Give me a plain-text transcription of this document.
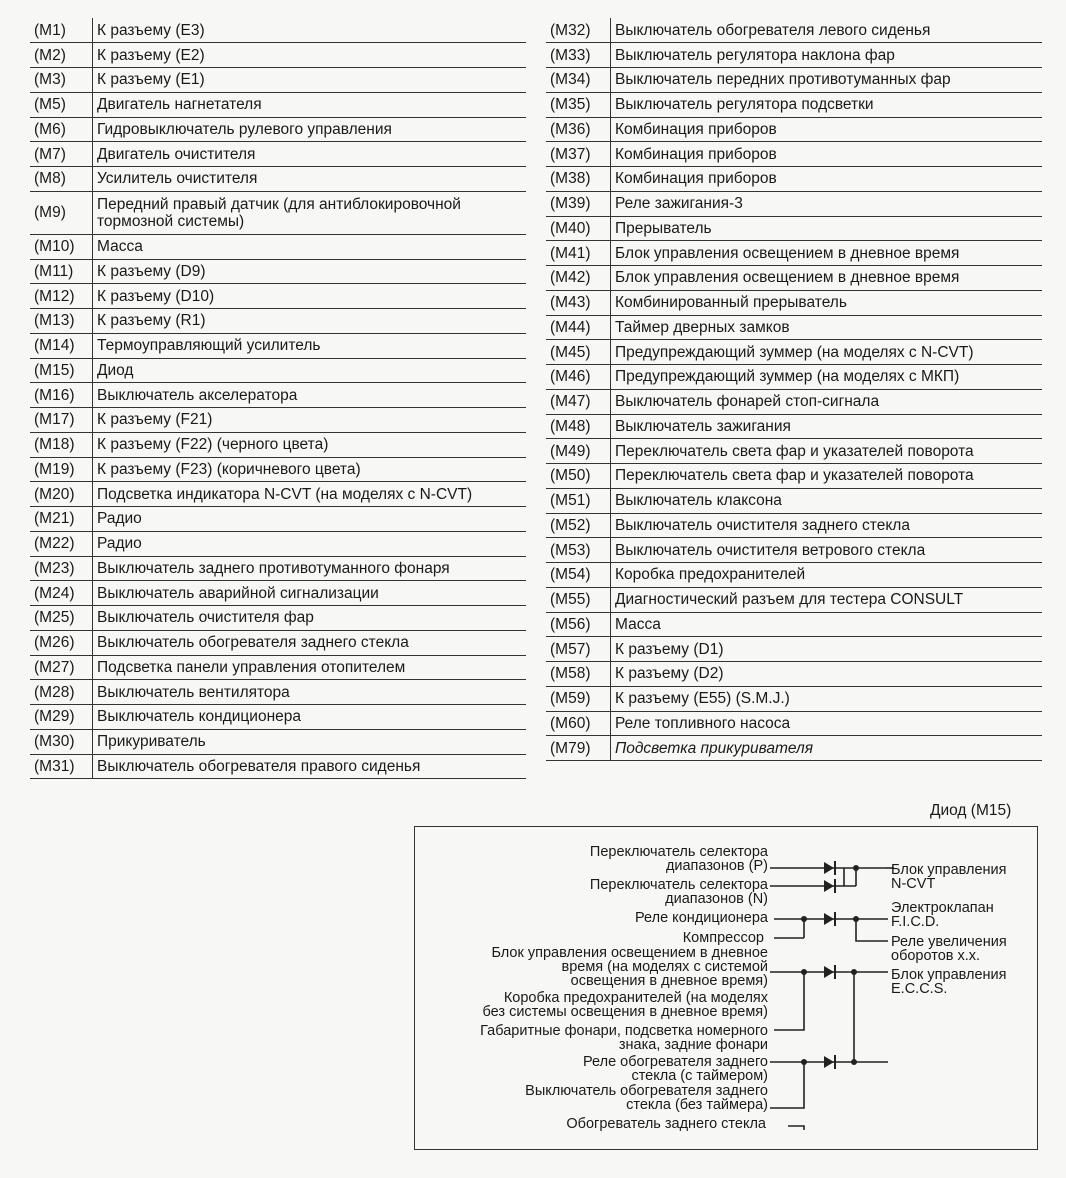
(M1)	К разъему (E3)
(M2)	К разъему (E2)
(M3)	К разъему (E1)
(M5)	Двигатель нагнетателя
(M6)	Гидровыключатель рулевого управления
(M7)	Двигатель очистителя
(M8)	Усилитель очистителя
(M9)	Передний правый датчик (для антиблокировочной тормозной системы)
(M10)	Масса
(M11)	К разъему (D9)
(M12)	К разъему (D10)
(M13)	К разъему (R1)
(M14)	Термоуправляющий усилитель
(M15)	Диод
(M16)	Выключатель акселератора
(M17)	К разъему (F21)
(M18)	К разъему (F22) (черного цвета)
(M19)	К разъему (F23) (коричневого цвета)
(M20)	Подсветка индикатора N-CVT (на моделях с N-CVT)
(M21)	Радио
(M22)	Радио
(M23)	Выключатель заднего противотуманного фонаря
(M24)	Выключатель аварийной сигнализации
(M25)	Выключатель очистителя фар
(M26)	Выключатель обогревателя заднего стекла
(M27)	Подсветка панели управления отопителем
(M28)	Выключатель вентилятора
(M29)	Выключатель кондиционера
(M30)	Прикуриватель
(M31)	Выключатель обогревателя правого сиденья
(M32)	Выключатель обогревателя левого сиденья
(M33)	Выключатель регулятора наклона фар
(M34)	Выключатель передних противотуманных фар
(M35)	Выключатель регулятора подсветки
(M36)	Комбинация приборов
(M37)	Комбинация приборов
(M38)	Комбинация приборов
(M39)	Реле зажигания-3
(M40)	Прерыватель
(M41)	Блок управления освещением в дневное время
(M42)	Блок управления освещением в дневное время
(M43)	Комбинированный прерыватель
(M44)	Таймер дверных замков
(M45)	Предупреждающий зуммер (на моделях с N-CVT)
(M46)	Предупреждающий зуммер (на моделях с МКП)
(M47)	Выключатель фонарей стоп-сигнала
(M48)	Выключатель зажигания
(M49)	Переключатель света фар и указателей поворота
(M50)	Переключатель света фар и указателей поворота
(M51)	Выключатель клаксона
(M52)	Выключатель очистителя заднего стекла
(M53)	Выключатель очистителя ветрового стекла
(M54)	Коробка предохранителей
(M55)	Диагностический разъем для тестера CONSULT
(M56)	Масса
(M57)	К разъему (D1)
(M58)	К разъему (D2)
(M59)	К разъему (E55) (S.M.J.)
(M60)	Реле топливного насоса
(M79)	Подсветка прикуривателя
Диод (M15)
Переключатель селектора
диапазонов (P)
Переключатель селектора
диапазонов (N)
Реле кондиционера
Компрессор
Блок управления освещением в дневное
время (на моделях с системой
освещения в дневное время)
Коробка предохранителей (на моделях
без системы освещения в дневное время)
Габаритные фонари, подсветка номерного
знака, задние фонари
Реле обогревателя заднего
стекла (с таймером)
Выключатель обогревателя заднего
стекла (без таймера)
Обогреватель заднего стекла
Блок управления
N-CVT
Электроклапан
F.I.C.D.
Реле увеличения
оборотов х.х.
Блок управления
E.C.C.S.
